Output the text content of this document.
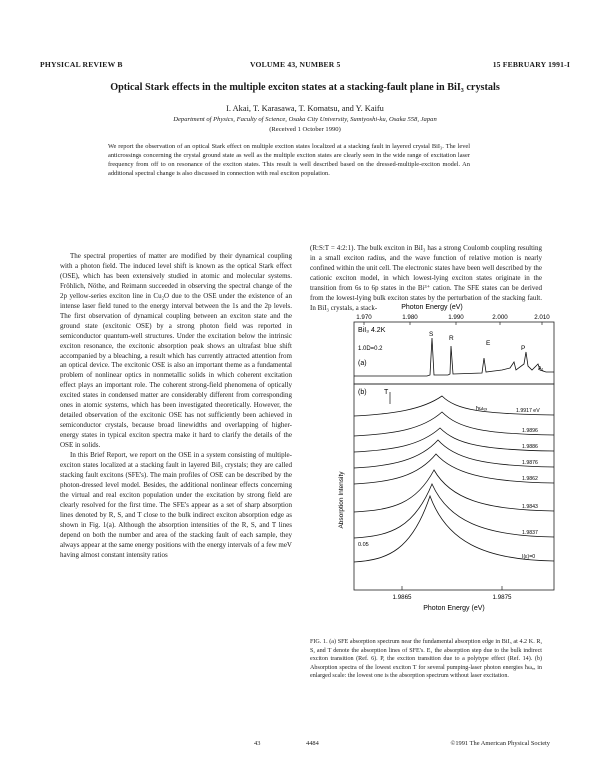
PHYSICAL REVIEW B	VOLUME 43, NUMBER 5	15 FEBRUARY 1991-I
Optical Stark effects in the multiple exciton states at a stacking-fault plane in BiI₃ crystals
I. Akai, T. Karasawa, T. Komatsu, and Y. Kaifu
Department of Physics, Faculty of Science, Osaka City University, Sumiyoshi-ku, Osaka 558, Japan
(Received 1 October 1990)
We report the observation of an optical Stark effect on multiple exciton states localized at a stacking fault in layered crystal BiI₃. The level anticrossings concerning the crystal ground state as well as the multiple exciton states are clearly seen in the wide range of excitation laser frequency from off to on resonance of the exciton states. This result is well described based on the dressed-multiple-exciton model. An additional spectral change is also discussed in connection with real exciton population.

The spectral properties of matter are modified by their dynamical coupling with a photon field. The induced level shift is known as the optical Stark effect (OSE), which has been extensively studied in atomic and molecular systems. Fröhlich, Nöthe, and Reimann succeeded in observing the spectral change of the 2p yellow-series exciton line in Cu₂O due to the OSE under the existence of an intense laser field tuned to the energy interval between the 1s and the 2p levels. The first observation of dynamical coupling between an exciton state and the ground state (excitonic OSE) by a strong photon field was reported in semiconductor quantum-well structures. Under the excitation below the intrinsic exciton resonance, the excitonic absorption peak shows an ultrafast blue shift accompanied by a bleaching, a result which has currently attracted attention from an optical device. The excitonic OSE is also an important theme as a fundamental problem of nonlinear optics in nonmetallic solids in which coherent excitation effect plays an important role. The coherent strong-field phenomena of optically excited states in condensed matter are considerably different from corresponding ones in atomic systems, which has been investigated theoretically. However, the detailed observation of the excitonic OSE has not sufficiently been achieved in semiconductor crystals, because broad linewidths and overlapping of higher-energy states in typical exciton spectra make it hard to clarify the details of the OSE in solids.

In this Brief Report, we report on the OSE in a system consisting of multiple-exciton states localized at a stacking fault in layered BiI₃ crystals; they are called stacking fault excitons (SFE's). The main profiles of OSE can be described by the photon-dressed level model. Besides, the additional nonlinear effects concerning the virtual and real exciton population under the excitation by strong field are clearly resolved for the first time. The SFE's appear as a set of sharp absorption lines denoted by R, S, and T close to the bulk indirect exciton absorption edge as shown in Fig. 1(a). Although the absorption intensities of the R, S, and T lines depend on both the number and area of the stacking fault of each sample, they always appear at the same energy positions with the energy intervals of a few meV having almost constant intensity ratios

(R:S:T = 4:2:1). The bulk exciton in BiI₃ has a strong Coulomb coupling resulting in a small exciton radius, and the wave function of relative motion is nearly confined within the unit cell. The electronic states have been well described by the cationic exciton model, in which lowest-lying exciton states originate in the transition from 6s to 6p states in the Bi³⁺ cation. The SFE states can be derived from the lowest-lying bulk exciton states by the perturbation of the stacking fault. In BiI₃ crystals, a stack-	Photon Energy (eV)
1.970	1.980	1.990	2.000	2.010
BiI₃ 4.2K
1.0D=0.2
(a)
S
R
E
P
A₁
(b) T
ħωₑₓ
0.05
Absorption Intensity
1.9917 eV
1.9896
1.9886
1.9876
1.9862
1.9843
1.9837
I(ε)=0
1.9865	1.9875
Photon Energy (eV)
FIG. 1. (a) SFE absorption spectrum near the fundamental absorption edge in BiI₃ at 4.2 K. R, S, and T denote the absorption lines of SFE's. E₁ the absorption step due to the bulk indirect exciton transition (Ref. 6). P, the exciton transition due to a polytype effect (Ref. 14). (b) Absorption spectra of the lowest exciton T for several pumping-laser photon energies ħωₑₓ in enlarged scale: the lowest one is the absorption spectrum without laser excitation.
43	4484	©1991 The American Physical Society
